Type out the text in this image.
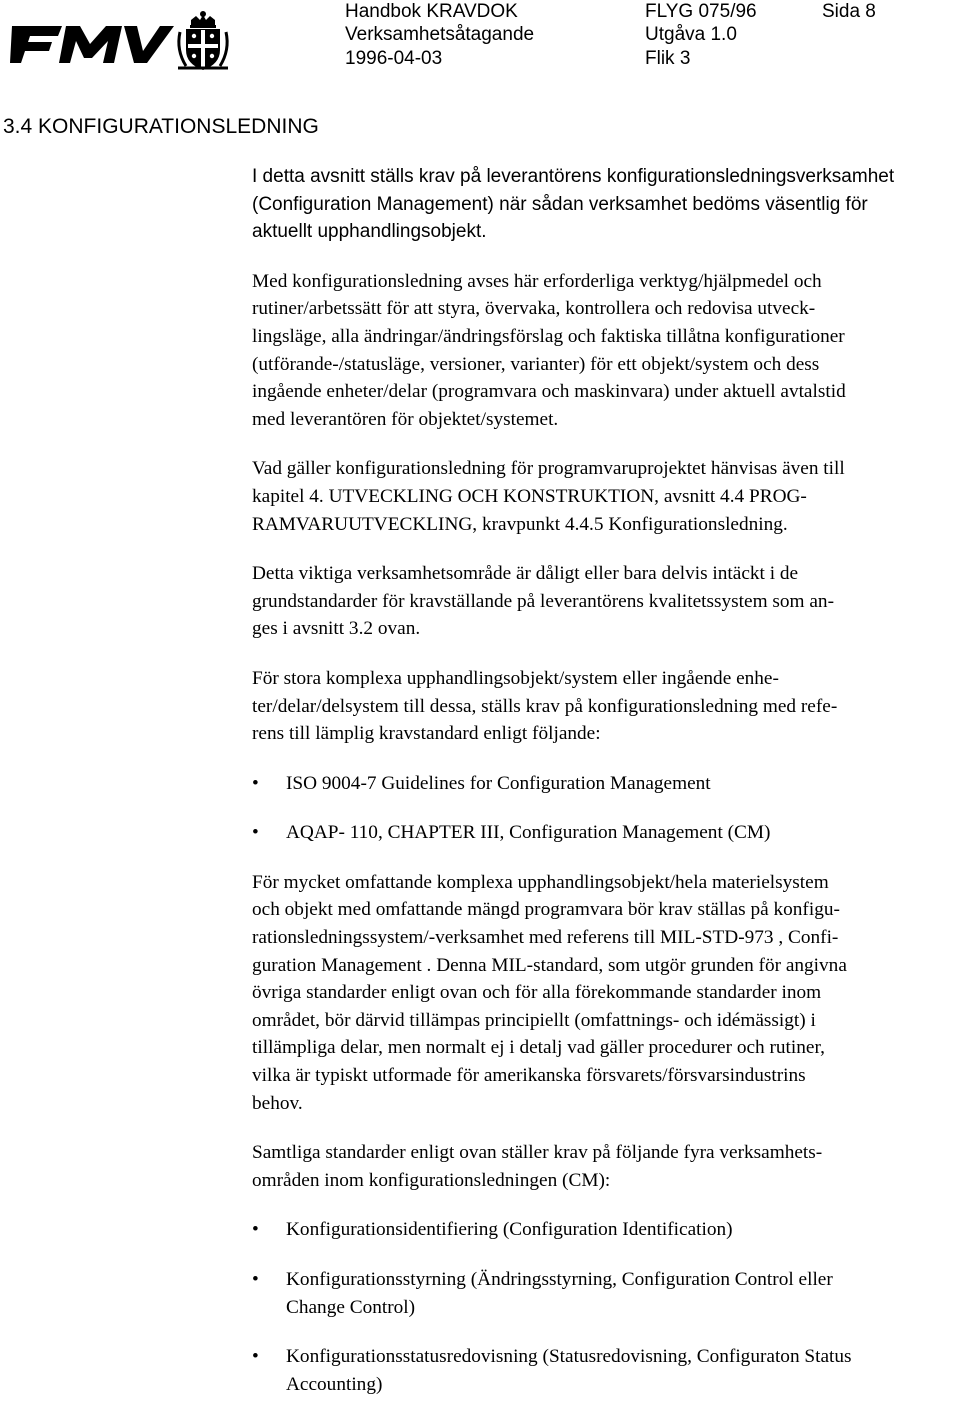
Handbok KRAVDOK
Verksamhetsåtagande
1996-04-03
FLYG 075/96
Utgåva 1.0
Flik 3
Sida 8
3.4 KONFIGURATIONSLEDNING
I detta avsnitt ställs krav på leverantörens konfigurationsledningsverksamhet
(Configuration Management) när sådan verksamhet bedöms väsentlig för
aktuellt upphandlingsobjekt.
Med konfigurationsledning avses här erforderliga verktyg/hjälpmedel och
rutiner/arbetssätt för att styra, övervaka, kontrollera och redovisa utveck-
lingsläge, alla ändringar/ändringsförslag och faktiska tillåtna konfigurationer
(utförande-/statusläge, versioner, varianter) för ett objekt/system och dess
ingående enheter/delar (programvara och maskinvara) under aktuell avtalstid
med leverantören för objektet/systemet.
Vad gäller konfigurationsledning för programvaruprojektet hänvisas även till
kapitel 4. UTVECKLING OCH KONSTRUKTION, avsnitt 4.4 PROG-
RAMVARUUTVECKLING, kravpunkt 4.4.5 Konfigurationsledning.
Detta viktiga verksamhetsområde är dåligt eller bara delvis intäckt i de
grundstandarder för kravställande på leverantörens kvalitetssystem som an-
ges i avsnitt 3.2 ovan.
För stora komplexa upphandlingsobjekt/system eller ingående enhe-
ter/delar/delsystem till dessa, ställs krav på konfigurationsledning med refe-
rens till lämplig kravstandard enligt följande:
• ISO 9004-7 Guidelines for Configuration Management
• AQAP- 110, CHAPTER III, Configuration Management (CM)
För mycket omfattande komplexa upphandlingsobjekt/hela materielsystem
och objekt med omfattande mängd programvara bör krav ställas på konfigu-
rationsledningssystem/-verksamhet med referens till MIL-STD-973 , Confi-
guration Management . Denna MIL-standard, som utgör grunden för angivna
övriga standarder enligt ovan och för alla förekommande standarder inom
området, bör därvid tillämpas principiellt (omfattnings- och idémässigt) i
tillämpliga delar, men normalt ej i detalj vad gäller procedurer och rutiner,
vilka är typiskt utformade för amerikanska försvarets/försvarsindustrins
behov.
Samtliga standarder enligt ovan ställer krav på följande fyra verksamhets-
områden inom konfigurationsledningen (CM):
• Konfigurationsidentifiering (Configuration Identification)
• Konfigurationsstyrning (Ändringsstyrning, Configuration Control eller
Change Control)
• Konfigurationsstatusredovisning (Statusredovisning, Configuraton Status
Accounting)
